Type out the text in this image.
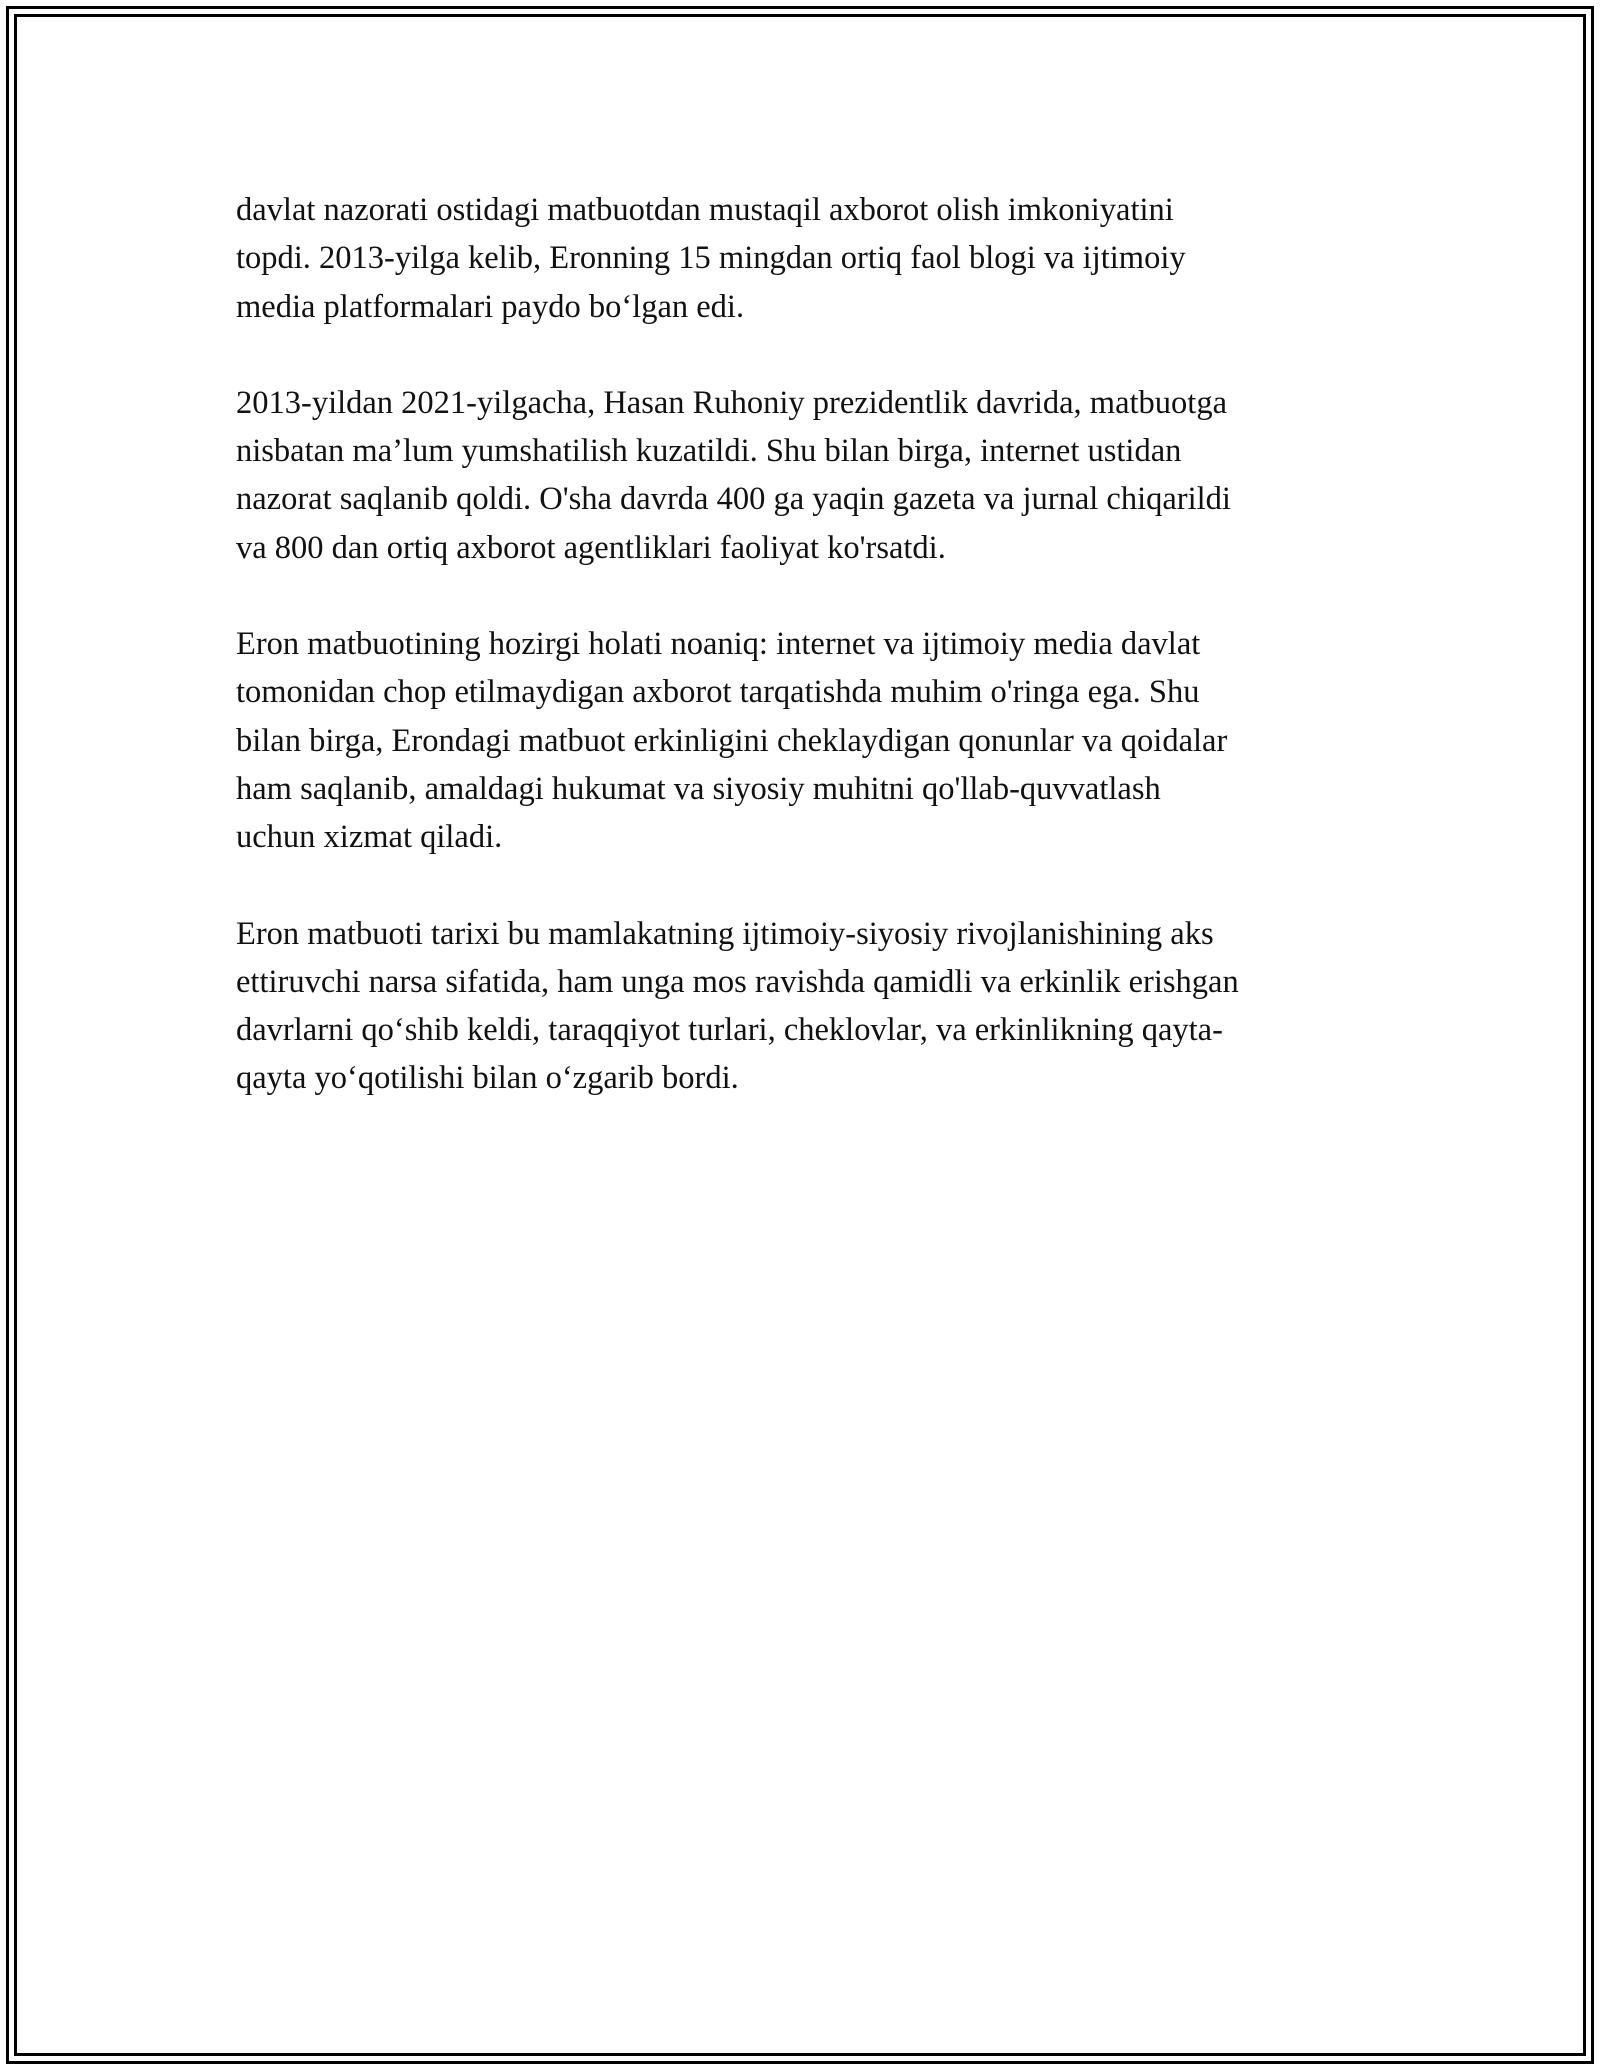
davlat nazorati ostidagi matbuotdan mustaqil axborot olish imkoniyatini
topdi. 2013-yilga kelib, Eronning 15 mingdan ortiq faol blogi va ijtimoiy
media platformalari paydo bo‘lgan edi.

2013-yildan 2021-yilgacha, Hasan Ruhoniy prezidentlik davrida, matbuotga
nisbatan ma’lum yumshatilish kuzatildi. Shu bilan birga, internet ustidan
nazorat saqlanib qoldi. O'sha davrda 400 ga yaqin gazeta va jurnal chiqarildi
va 800 dan ortiq axborot agentliklari faoliyat ko'rsatdi.

Eron matbuotining hozirgi holati noaniq: internet va ijtimoiy media davlat
tomonidan chop etilmaydigan axborot tarqatishda muhim o'ringa ega. Shu
bilan birga, Erondagi matbuot erkinligini cheklaydigan qonunlar va qoidalar
ham saqlanib, amaldagi hukumat va siyosiy muhitni qo'llab-quvvatlash
uchun xizmat qiladi.

Eron matbuoti tarixi bu mamlakatning ijtimoiy-siyosiy rivojlanishining aks
ettiruvchi narsa sifatida, ham unga mos ravishda qamidli va erkinlik erishgan
davrlarni qo‘shib keldi, taraqqiyot turlari, cheklovlar, va erkinlikning qayta-
qayta yo‘qotilishi bilan o‘zgarib bordi.
